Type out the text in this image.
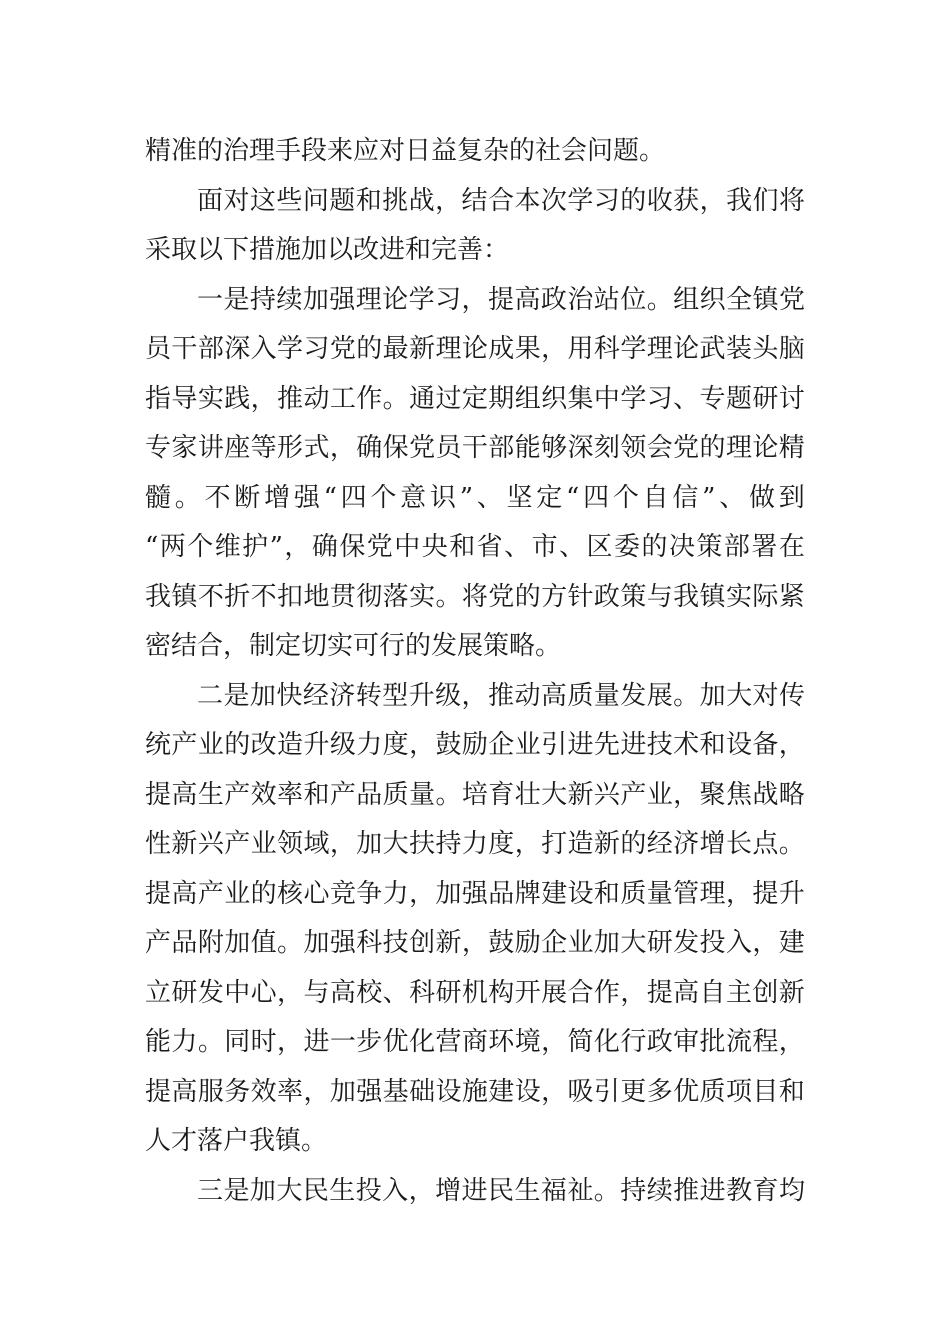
精准的治理手段来应对日益复杂的社会问题。
面 对 这 些 问 题 和 挑 战 ， 结 合 本 次 学 习 的 收 获 ， 我 们 将
采取以下措施加以改进和完善：
一 是 持 续 加 强 理 论 学 习 ， 提 高 政 治 站 位 。 组 织 全 镇 党
员 干 部 深 入 学 习 党 的 最 新 理 论 成 果 ， 用 科 学 理 论 武 装 头 脑
指 导 实 践 ， 推 动 工 作 。 通 过 定 期 组 织 集 中 学 习 、 专 题 研 讨
专 家 讲 座 等 形 式 ， 确 保 党 员 干 部 能 够 深 刻 领 会 党 的 理 论 精
髓 。 不 断 增 强 “ 四 个 意 识 ” 、 坚 定 “ 四 个 自 信 ” 、 做 到
“ 两 个 维 护 ” ， 确 保 党 中 央 和 省 、 市 、 区 委 的 决 策 部 署 在
我 镇 不 折 不 扣 地 贯 彻 落 实 。 将 党 的 方 针 政 策 与 我 镇 实 际 紧
密结合，制定切实可行的发展策略。
二 是 加 快 经 济 转 型 升 级 ， 推 动 高 质 量 发 展 。 加 大 对 传
统 产 业 的 改 造 升 级 力 度 ， 鼓 励 企 业 引 进 先 进 技 术 和 设 备 ，
提 高 生 产 效 率 和 产 品 质 量 。 培 育 壮 大 新 兴 产 业 ， 聚 焦 战 略
性 新 兴 产 业 领 域 ， 加 大 扶 持 力 度 ， 打 造 新 的 经 济 增 长 点 。
提 高 产 业 的 核 心 竞 争 力 ， 加 强 品 牌 建 设 和 质 量 管 理 ， 提 升
产 品 附 加 值 。 加 强 科 技 创 新 ， 鼓 励 企 业 加 大 研 发 投 入 ， 建
立 研 发 中 心 ， 与 高 校 、 科 研 机 构 开 展 合 作 ， 提 高 自 主 创 新
能 力 。 同 时 ， 进 一 步 优 化 营 商 环 境 ， 简 化 行 政 审 批 流 程 ，
提 高 服 务 效 率 ， 加 强 基 础 设 施 建 设 ， 吸 引 更 多 优 质 项 目 和
人才落户我镇。
三 是 加 大 民 生 投 入 ， 增 进 民 生 福 祉 。 持 续 推 进 教 育 均
